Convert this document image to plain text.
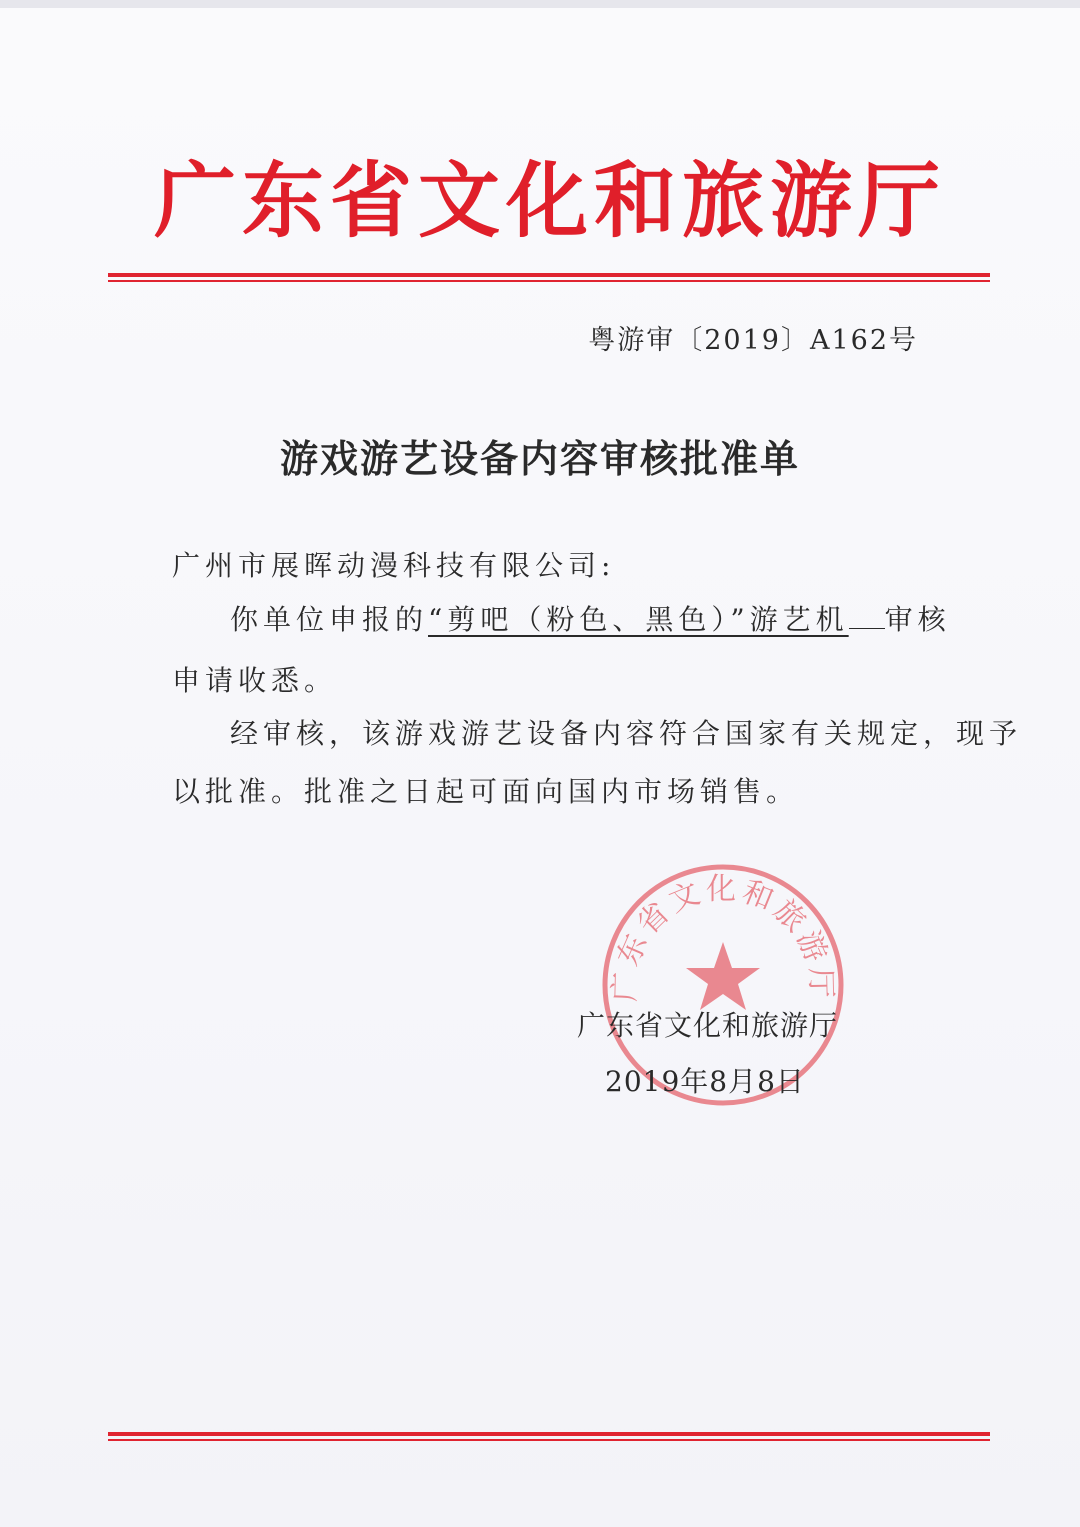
广东省文化和旅游厅
粤游审〔2019〕A162号
游戏游艺设备内容审核批准单
广州市展晖动漫科技有限公司:
你单位申报的“剪吧（粉色、黑色）”游艺机 审核
申请收悉。
经审核，该游戏游艺设备内容符合国家有关规定，现予
以批准。批准之日起可面向国内市场销售。
广东省文化和旅游厅
广东省文化和旅游厅
2019年8月8日
